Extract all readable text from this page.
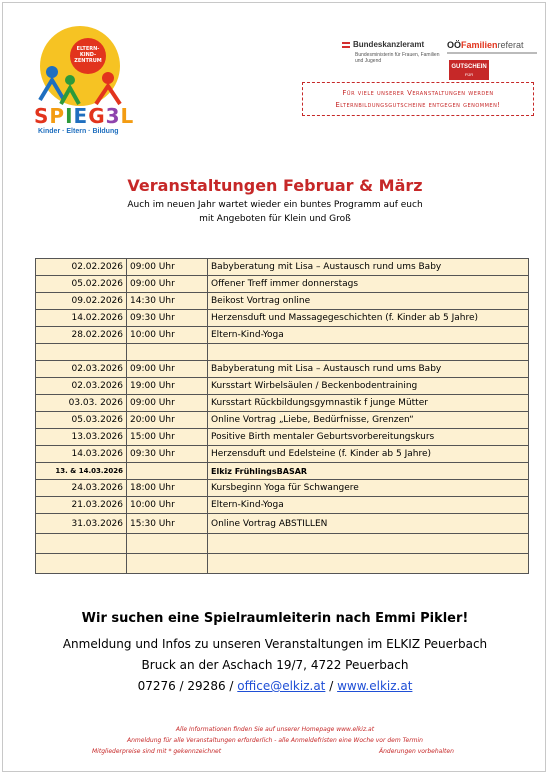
ELTERN-
KIND-
ZENTRUM
SPIEG3L
Kinder · Eltern · Bildung
Bundeskanzleramt
Bundesministerin für Frauen, Familien und Jugend
OÖFamilienreferat
GUTSCHEIN
FÜR ELTERNBILDUNG
Für viele unserer Veranstaltungen werden
Elternbildungsgutscheine entgegen genommen!
Veranstaltungen Februar & März
Auch im neuen Jahr wartet wieder ein buntes Programm auf euch
mit Angeboten für Klein und Groß
02.02.2026	09:00 Uhr	Babyberatung mit Lisa – Austausch rund ums Baby
05.02.2026	09:00 Uhr	Offener Treff immer donnerstags
09.02.2026	14:30 Uhr	Beikost Vortrag online
14.02.2026	09:30 Uhr	Herzensduft und Massagegeschichten (f. Kinder ab 5 Jahre)
28.02.2026	10:00 Uhr	Eltern-Kind-Yoga

02.03.2026	09:00 Uhr	Babyberatung mit Lisa – Austausch rund ums Baby
02.03.2026	19:00 Uhr	Kursstart Wirbelsäulen / Beckenbodentraining
03.03. 2026	09:00 Uhr	Kursstart Rückbildungsgymnastik f junge Mütter
05.03.2026	20:00 Uhr	Online Vortrag „Liebe, Bedürfnisse, Grenzen“
13.03.2026	15:00 Uhr	Positive Birth mentaler Geburtsvorbereitungskurs
14.03.2026	09:30 Uhr	Herzensduft und Edelsteine (f. Kinder ab 5 Jahre)
13. & 14.03.2026		Elkiz FrühlingsBASAR
24.03.2026	18:00 Uhr	Kursbeginn Yoga für Schwangere
21.03.2026	10:00 Uhr	Eltern-Kind-Yoga
31.03.2026	15:30 Uhr	Online Vortrag ABSTILLEN

Wir suchen eine Spielraumleiterin nach Emmi Pikler!
Anmeldung und Infos zu unseren Veranstaltungen im ELKIZ Peuerbach
Bruck an der Aschach 19/7, 4722 Peuerbach
07276 / 29286 / office@elkiz.at / www.elkiz.at
Alle Informationen finden Sie auf unserer Homepage www.elkiz.at
Anmeldung für alle Veranstaltungen erforderlich - alle Anmeldefristen eine Woche vor dem Termin
Mitgliederpreise sind mit * gekennzeichnet	Änderungen vorbehalten
